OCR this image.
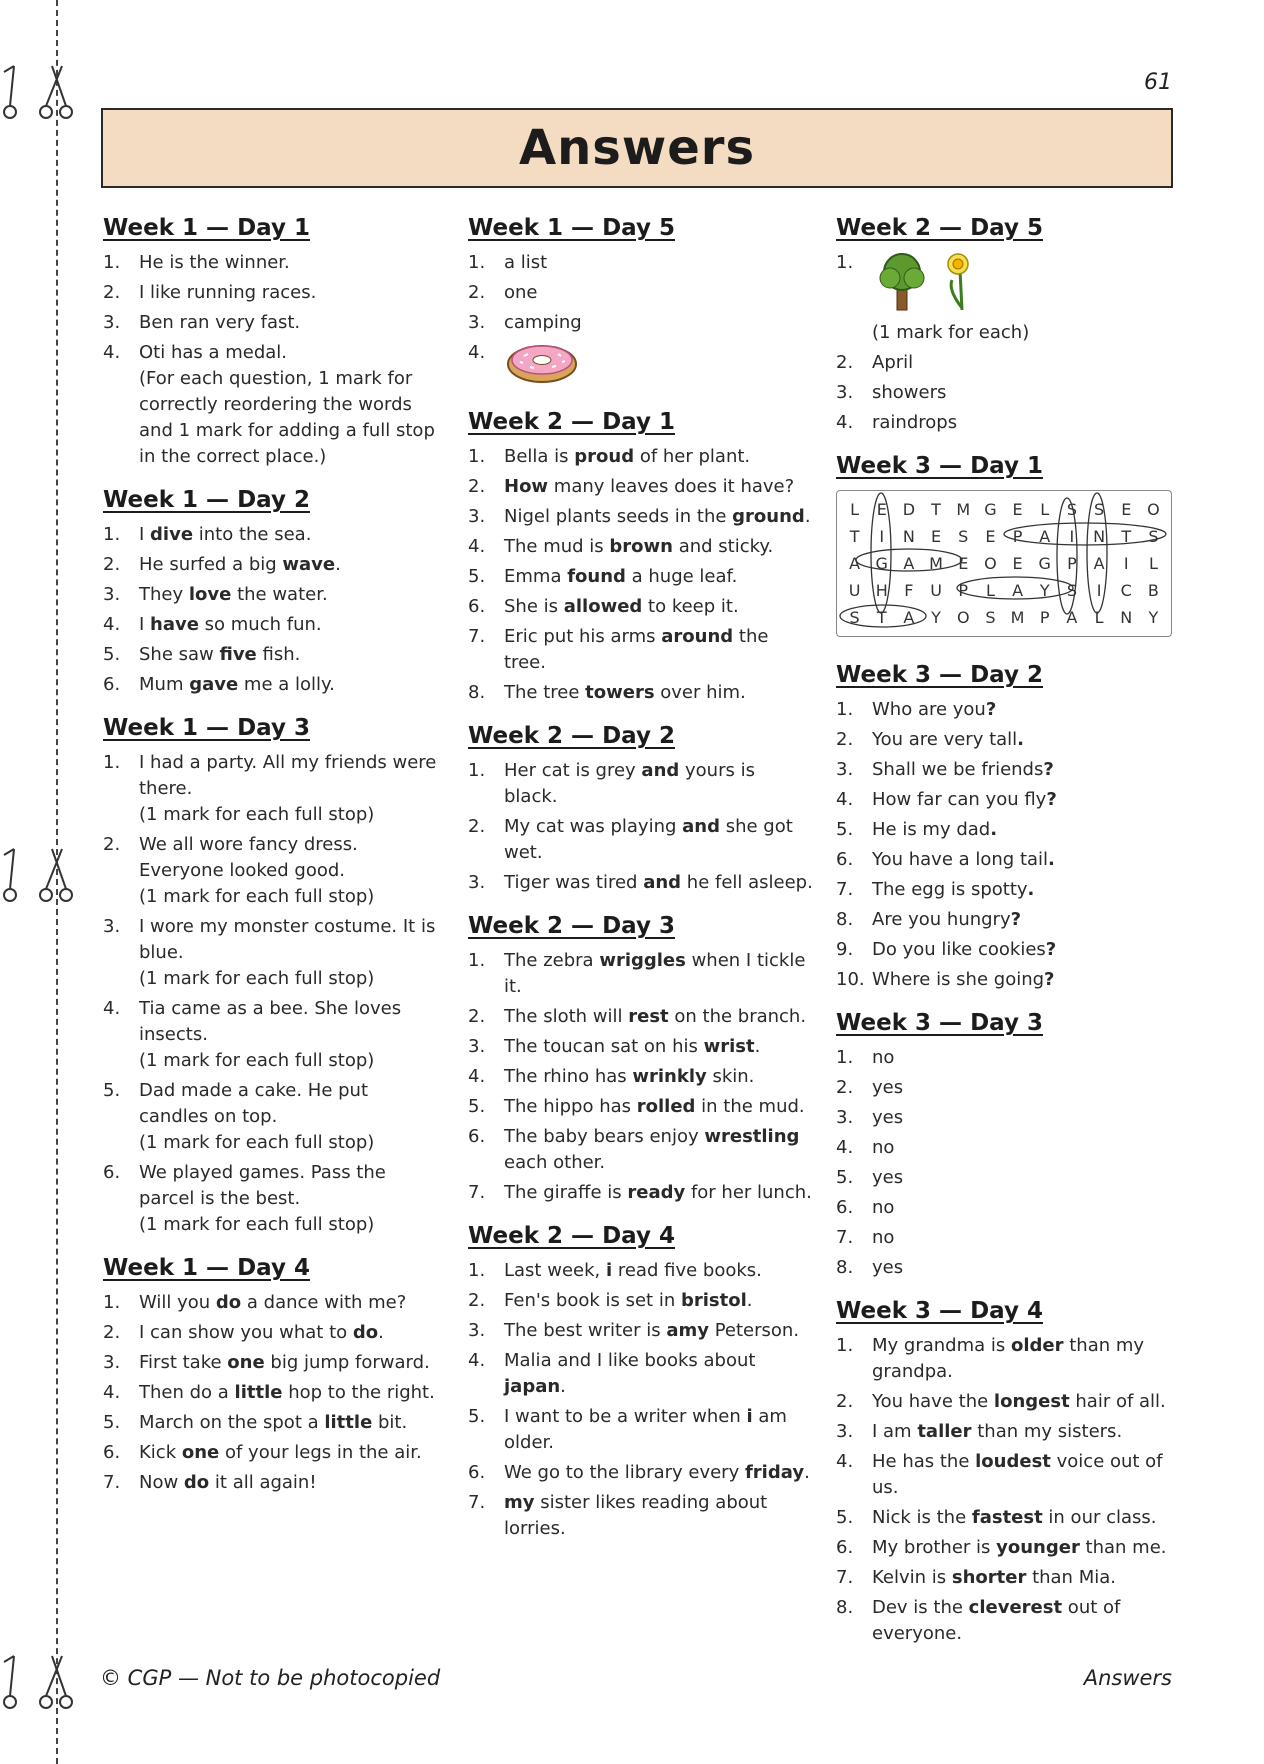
61
Answers
Week 1 — Day 1
1.	He is the winner.
2.	I like running races.
3.	Ben ran very fast.
4.	Oti has a medal.
(For each question, 1 mark for correctly reordering the words and 1 mark for adding a full stop in the correct place.)
Week 1 — Day 2
1.	I dive into the sea.
2.	He surfed a big wave.
3.	They love the water.
4.	I have so much fun.
5.	She saw five fish.
6.	Mum gave me a lolly.
Week 1 — Day 3
1.	I had a party. All my friends were there.
(1 mark for each full stop)
2.	We all wore fancy dress. Everyone looked good.
(1 mark for each full stop)
3.	I wore my monster costume. It is blue.
(1 mark for each full stop)
4.	Tia came as a bee. She loves insects.
(1 mark for each full stop)
5.	Dad made a cake. He put candles on top.
(1 mark for each full stop)
6.	We played games. Pass the parcel is the best.
(1 mark for each full stop)
Week 1 — Day 4
1.	Will you do a dance with me?
2.	I can show you what to do.
3.	First take one big jump forward.
4.	Then do a little hop to the right.
5.	March on the spot a little bit.
6.	Kick one of your legs in the air.
7.	Now do it all again!
Week 1 — Day 5
1.	a list
2.	one
3.	camping
4.
Week 2 — Day 1
1.	Bella is proud of her plant.
2.	How many leaves does it have?
3.	Nigel plants seeds in the ground.
4.	The mud is brown and sticky.
5.	Emma found a huge leaf.
6.	She is allowed to keep it.
7.	Eric put his arms around the tree.
8.	The tree towers over him.
Week 2 — Day 2
1.	Her cat is grey and yours is black.
2.	My cat was playing and she got wet.
3.	Tiger was tired and he fell asleep.
Week 2 — Day 3
1.	The zebra wriggles when I tickle it.
2.	The sloth will rest on the branch.
3.	The toucan sat on his wrist.
4.	The rhino has wrinkly skin.
5.	The hippo has rolled in the mud.
6.	The baby bears enjoy wrestling each other.
7.	The giraffe is ready for her lunch.
Week 2 — Day 4
1.	Last week, i read five books.
2.	Fen's book is set in bristol.
3.	The best writer is amy Peterson.
4.	Malia and I like books about japan.
5.	I want to be a writer when i am older.
6.	We go to the library every friday.
7.	my sister likes reading about lorries.
Week 2 — Day 5
1.

(1 mark for each)
2.	April
3.	showers
4.	raindrops
Week 3 — Day 1
L	E D	T M G E	L	S	S	E O
T	I	N	E	S	E	P	A	I	N	T	S
A G A M E O E G	P	A	I	L
U H	F	U	P	L	A	Y	S	I	C	B
S	T	A	Y O S M P	A	L	N	Y
Week 3 — Day 2
1.	Who are you?
2.	You are very tall.
3.	Shall we be friends?
4.	How far can you fly?
5.	He is my dad.
6.	You have a long tail.
7.	The egg is spotty.
8.	Are you hungry?
9.	Do you like cookies?
10. Where is she going?
Week 3 — Day 3
1.	no
2.	yes
3.	yes
4.	no
5.	yes
6.	no
7.	no
8.	yes
Week 3 — Day 4
1.	My grandma is older than my grandpa.
2.	You have the longest hair of all.
3.	I am taller than my sisters.
4.	He has the loudest voice out of us.
5.	Nick is the fastest in our class.
6.	My brother is younger than me.
7.	Kelvin is shorter than Mia.
8.	Dev is the cleverest out of everyone.
© CGP — Not to be photocopied	Answers
